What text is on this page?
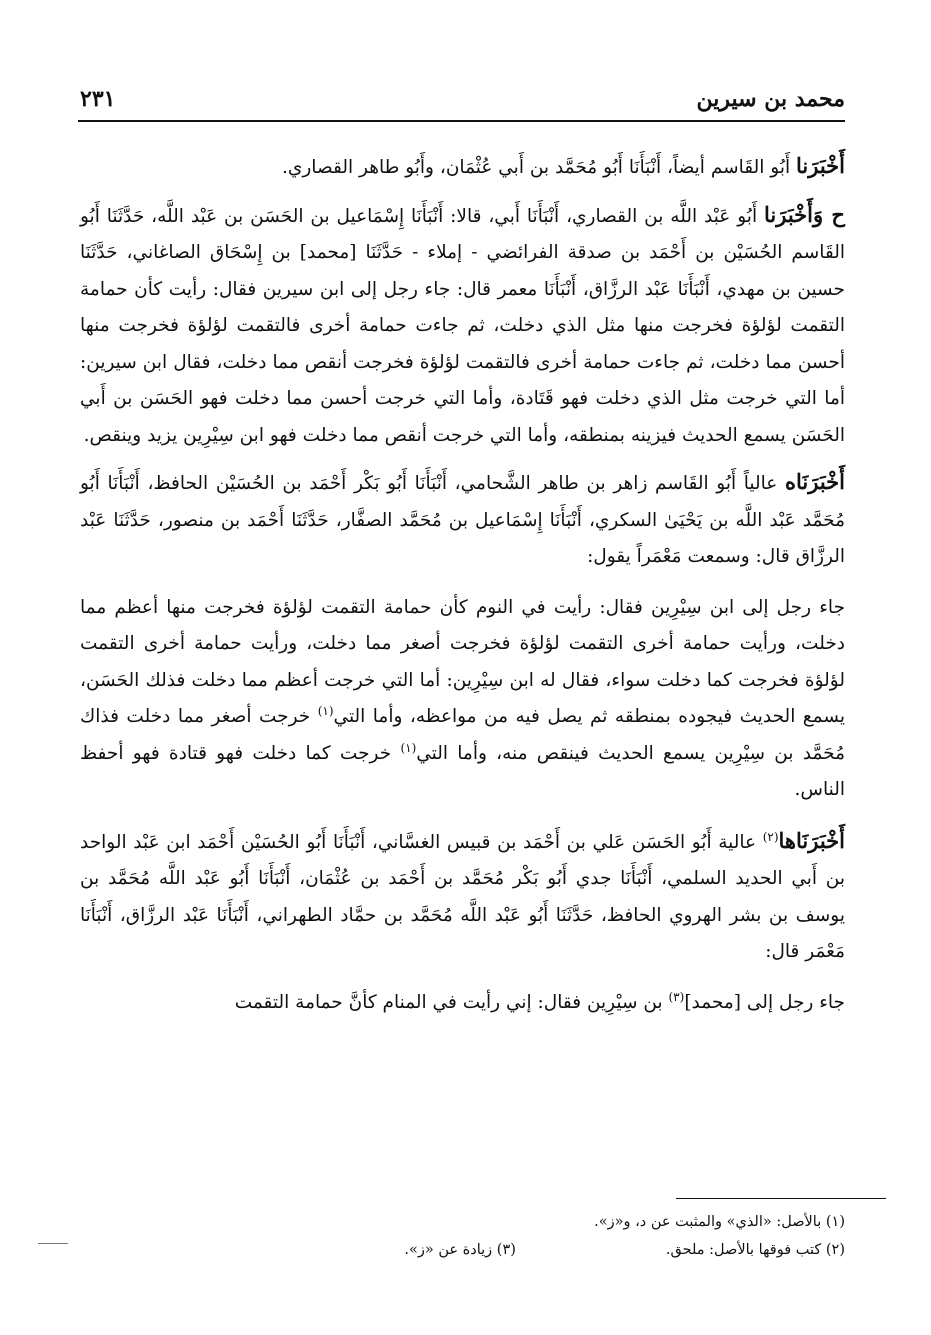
محمد بن سيرين
٢٣١

أَخْبَرَنا أَبُو القَاسم أيضاً، أَنْبَأَنَا أَبُو مُحَمَّد بن أَبي عُثْمَان، وأَبُو طاهر القصاري.

ح وَأَخْبَرَنا أَبُو عَبْد اللَّه بن القصاري، أَنْبَأَنَا أَبي، قالا: أَنْبَأَنَا إِسْمَاعيل بن الحَسَن بن عَبْد اللَّه، حَدَّثَنَا أَبُو القَاسم الحُسَيْن بن أَحْمَد بن صدقة الفرائضي - إملاء - حَدَّثَنَا [محمد] بن إِسْحَاق الصاغاني، حَدَّثَنَا حسين بن مهدي، أَنْبَأَنَا عَبْد الرزَّاق، أَنْبَأَنَا معمر قال: جاء رجل إلى ابن سيرين فقال: رأيت كأن حمامة التقمت لؤلؤة فخرجت منها مثل الذي دخلت، ثم جاءت حمامة أخرى فالتقمت لؤلؤة فخرجت منها أحسن مما دخلت، ثم جاءت حمامة أخرى فالتقمت لؤلؤة فخرجت أنقص مما دخلت، فقال ابن سيرين: أما التي خرجت مثل الذي دخلت فهو قَتَادة، وأما التي خرجت أحسن مما دخلت فهو الحَسَن بن أَبي الحَسَن يسمع الحديث فيزينه بمنطقه، وأما التي خرجت أنقص مما دخلت فهو ابن سِيْرِين يزيد وينقص.

أَخْبَرَنَاه عالياً أَبُو القَاسم زاهر بن طاهر الشَّحامي، أَنْبَأَنَا أَبُو بَكْر أَحْمَد بن الحُسَيْن الحافظ، أَنْبَأَنَا أَبُو مُحَمَّد عَبْد اللَّه بن يَحْيَىٰ السكري، أَنْبَأَنَا إِسْمَاعيل بن مُحَمَّد الصفَّار، حَدَّثَنَا أَحْمَد بن منصور، حَدَّثَنَا عَبْد الرزَّاق قال: وسمعت مَعْمَراً يقول:

جاء رجل إلى ابن سِيْرِين فقال: رأيت في النوم كأن حمامة التقمت لؤلؤة فخرجت منها أعظم مما دخلت، ورأيت حمامة أخرى التقمت لؤلؤة فخرجت أصغر مما دخلت، ورأيت حمامة أخرى التقمت لؤلؤة فخرجت كما دخلت سواء، فقال له ابن سِيْرِين: أما التي خرجت أعظم مما دخلت فذلك الحَسَن، يسمع الحديث فيجوده بمنطقه ثم يصل فيه من مواعظه، وأما التي$^{(١)}$ خرجت أصغر مما دخلت فذاك مُحَمَّد بن سِيْرِين يسمع الحديث فينقص منه، وأما التي$^{(١)}$ خرجت كما دخلت فهو قتادة فهو أحفظ الناس.

أَخْبَرَنَاها$^{(٢)}$ عالية أَبُو الحَسَن عَلي بن أَحْمَد بن قبيس الغسَّاني، أَنْبَأَنَا أَبُو الحُسَيْن أَحْمَد ابن عَبْد الواحد بن أَبي الحديد السلمي، أَنْبَأَنَا جدي أَبُو بَكْر مُحَمَّد بن أَحْمَد بن عُثْمَان، أَنْبَأَنَا أَبُو عَبْد اللَّه مُحَمَّد بن يوسف بن بشر الهروي الحافظ، حَدَّثَنَا أَبُو عَبْد اللَّه مُحَمَّد بن حمَّاد الطهراني، أَنْبَأَنَا عَبْد الرزَّاق، أَنْبَأَنَا مَعْمَر قال:

جاء رجل إلى [محمد]$^{(٣)}$ بن سِيْرِين فقال: إني رأيت في المنام كأنَّ حمامة التقمت

(١) بالأصل: «الذي» والمثبت عن د، و«ز».
(٢) كتب فوقها بالأصل: ملحق.
(٣) زيادة عن «ز».
